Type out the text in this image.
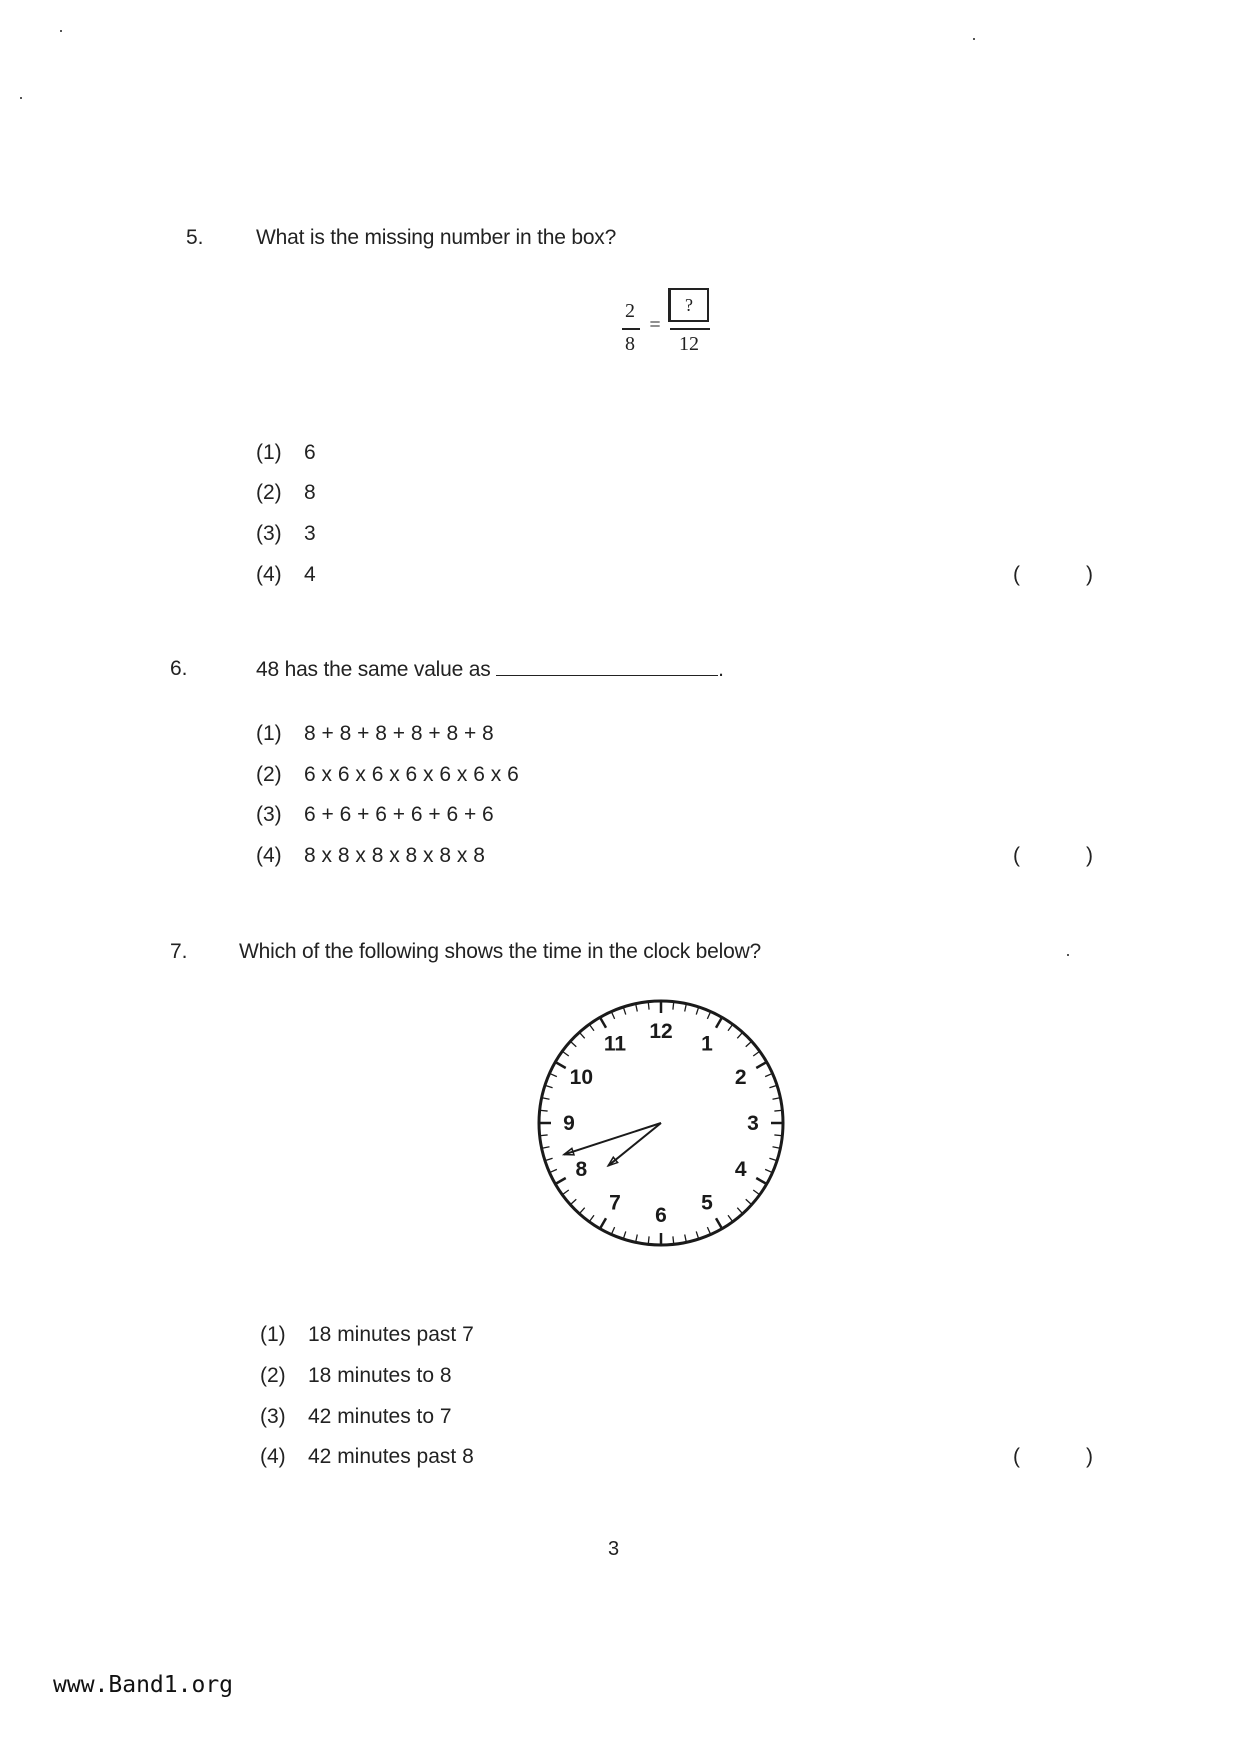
5. What is the missing number in the box?
2
8
=
?
12
(1) 6
(2) 8
(3) 3
(4) 4	(	)
6.	48 has the same value as	.
(1) 8 + 8 + 8 + 8 + 8 + 8
(2) 6 x 6 x 6 x 6 x 6 x 6 x 6
(3) 6 + 6 + 6 + 6 + 6 + 6
(4) 8 x 8 x 8 x 8 x 8 x 8	(	)
7. Which of the following shows the time in the clock below?
12
1
2
3
4
5
6
7
8
9
10
11
(1) 18 minutes past 7
(2) 18 minutes to 8
(3) 42 minutes to 7
(4) 42 minutes past 8	(	)
3
www.Band1.org
